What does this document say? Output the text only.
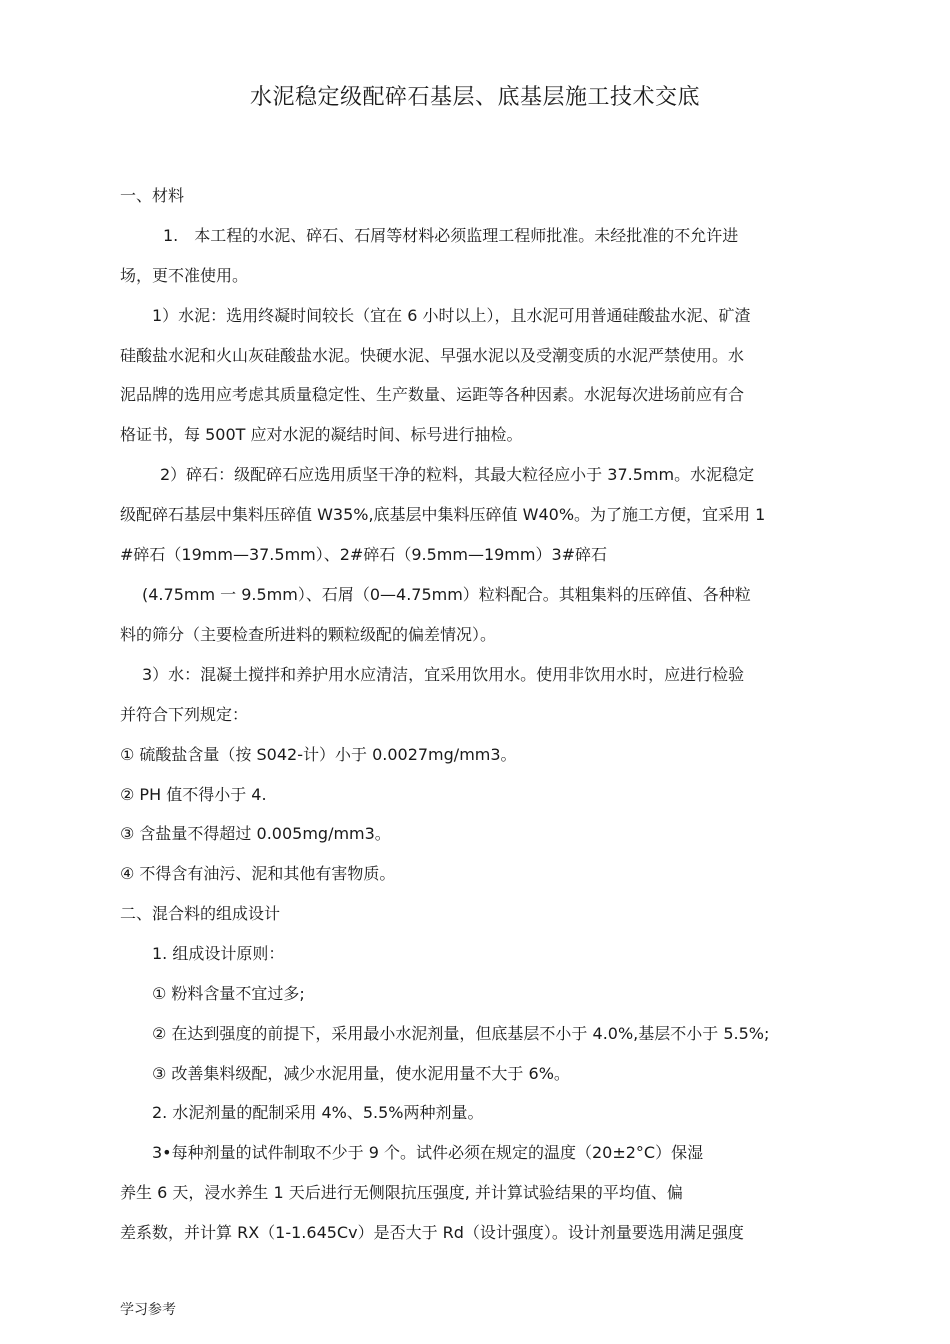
水泥稳定级配碎石基层、底基层施工技术交底
一、材料
1.　本工程的水泥、碎石、石屑等材料必须监理工程师批准。未经批准的不允许进
场，更不准使用。
1）水泥：选用终凝时间较长（宜在 6 小时以上），且水泥可用普通硅酸盐水泥、矿渣
硅酸盐水泥和火山灰硅酸盐水泥。快硬水泥、早强水泥以及受潮变质的水泥严禁使用。水
泥品牌的选用应考虑其质量稳定性、生产数量、运距等各种因素。水泥每次进场前应有合
格证书，每 500T 应对水泥的凝结时间、标号进行抽检。
2）碎石：级配碎石应选用质坚干净的粒料，其最大粒径应小于 37.5mm。水泥稳定
级配碎石基层中集料压碎值 W35%,底基层中集料压碎值 W40%。为了施工方便，宜采用 1
#碎石（19mm—37.5mm）、2#碎石（9.5mm—19mm）3#碎石
(4.75mm 一 9.5mm）、石屑（0—4.75mm）粒料配合。其粗集料的压碎值、各种粒
料的筛分（主要检查所进料的颗粒级配的偏差情况）。
3）水：混凝土搅拌和养护用水应清洁，宜采用饮用水。使用非饮用水时，应进行检验
并符合下列规定：
① 硫酸盐含量（按 S042-计）小于 0.0027mg/mm3。
② PH 值不得小于 4.
③ 含盐量不得超过 0.005mg/mm3。
④ 不得含有油污、泥和其他有害物质。
二、混合料的组成设计
1. 组成设计原则：
① 粉料含量不宜过多;
② 在达到强度的前提下，采用最小水泥剂量，但底基层不小于 4.0%,基层不小于 5.5%;
③ 改善集料级配，减少水泥用量，使水泥用量不大于 6%。
2. 水泥剂量的配制采用 4%、5.5%两种剂量。
3•每种剂量的试件制取不少于 9 个。试件必须在规定的温度（20±2°C）保湿
养生 6 天，浸水养生 1 天后进行无侧限抗压强度, 并计算试验结果的平均值、偏
差系数，并计算 RX（1-1.645Cv）是否大于 Rd（设计强度）。设计剂量要选用满足强度
学习参考
